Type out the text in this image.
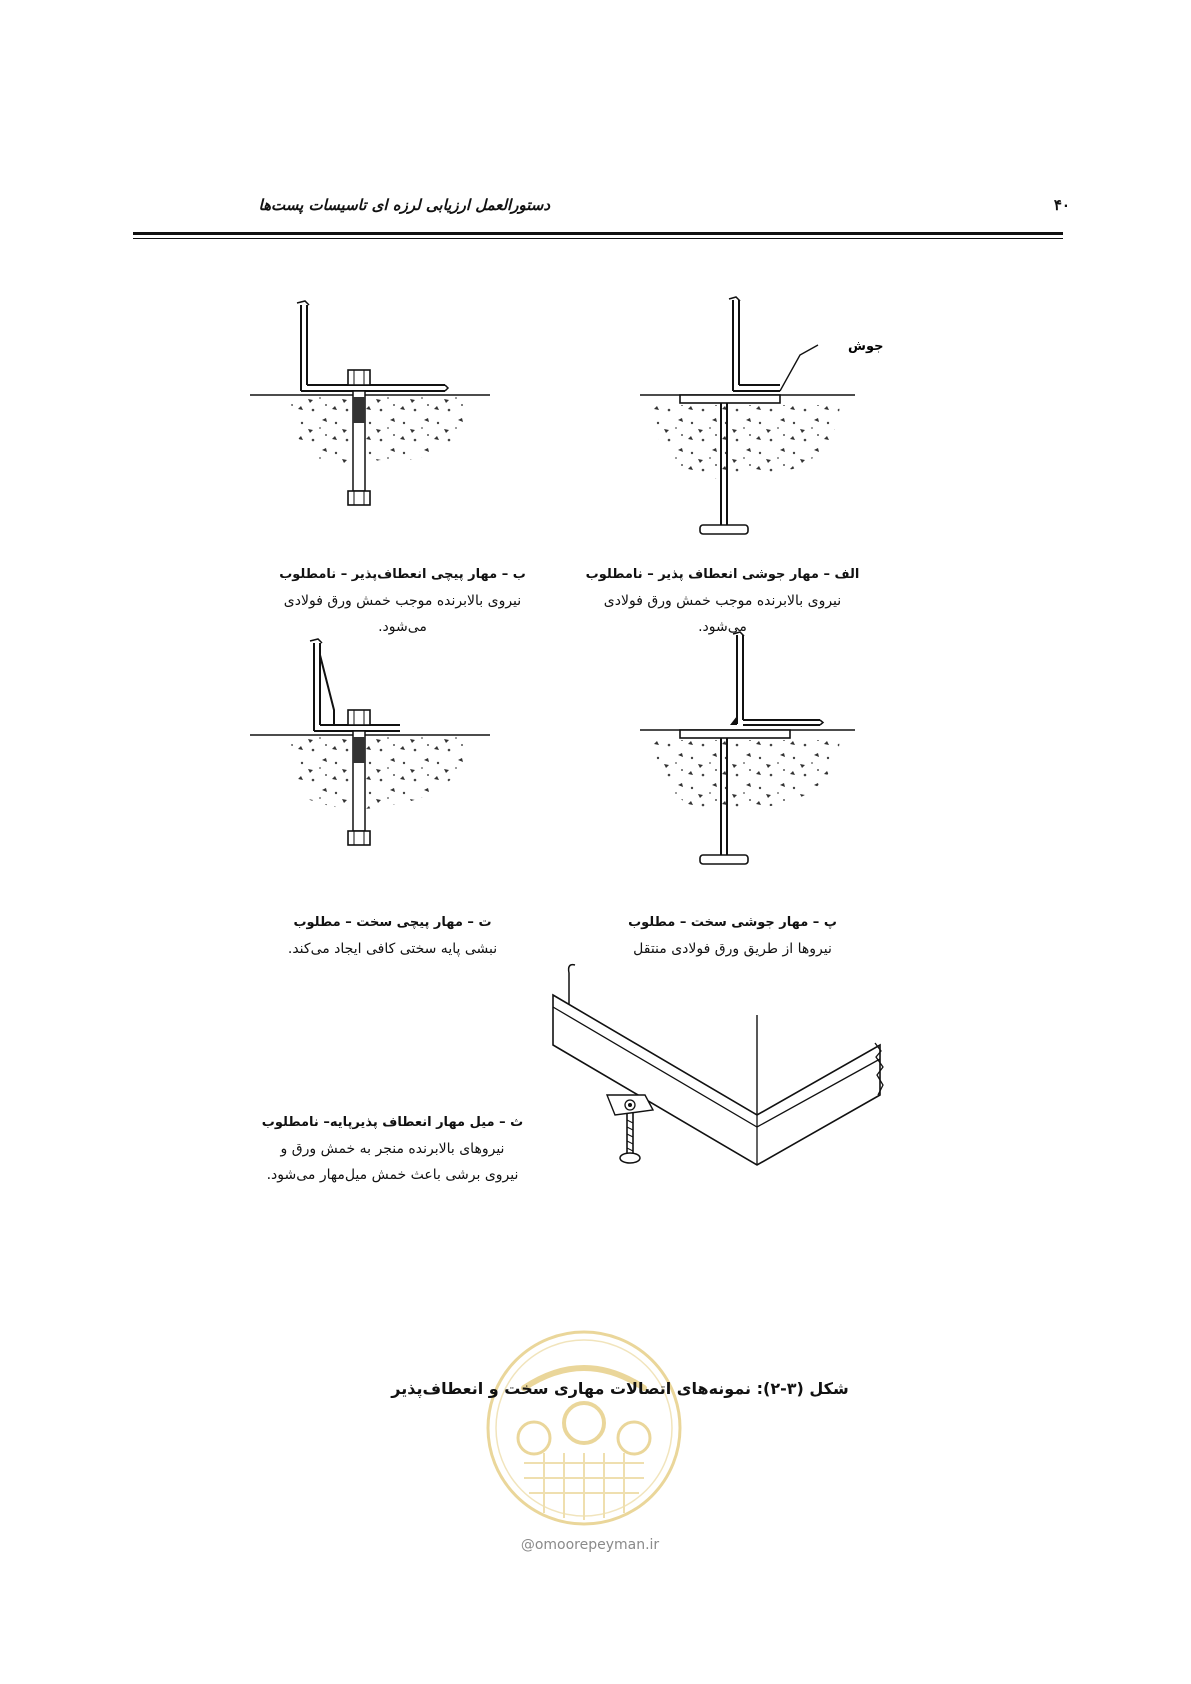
دستورالعمل ارزیابی لرزه ای تاسیسات پست‌ها	۴۰
جوش
ب – مهار پیچی انعطاف‌پذیر – نامطلوب
نیروی بالابرنده موجب خمش ورق فولادی می‌شود.
الف – مهار جوشی انعطاف پذیر – نامطلوب
نیروی بالابرنده موجب خمش ورق فولادی می‌شود.
ت – مهار پیچی سخت – مطلوب
نبشی پایه سختی کافی ایجاد می‌کند.
پ – مهار جوشی سخت – مطلوب
نیروها از طریق ورق فولادی منتقل
ث – میل مهار انعطاف پذیرپایه– نامطلوب
نیروهای بالابرنده منجر به خمش ورق و
نیروی برشی باعث خمش میل‌مهار می‌شود.
شکل (۳-۲): نمونه‌های اتصالات مهاری سخت و انعطاف‌پذیر
@omoorepeyman.ir
